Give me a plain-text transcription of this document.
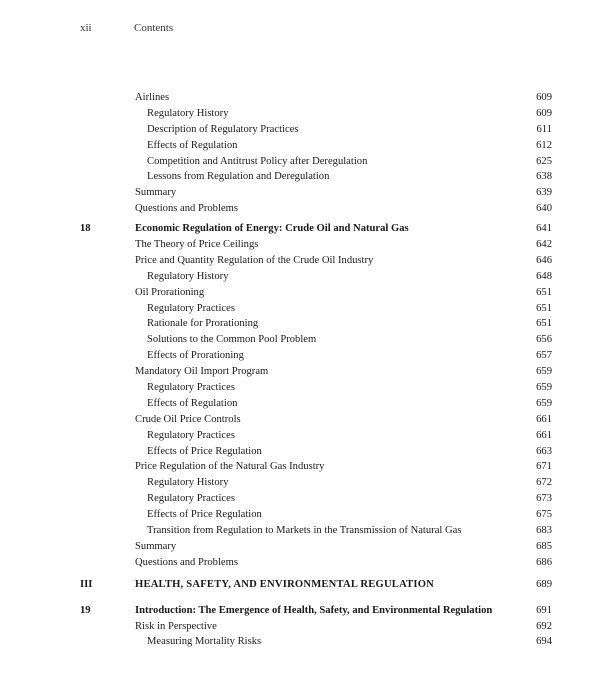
xii	Contents
Airlines	609
Regulatory History	609
Description of Regulatory Practices	611
Effects of Regulation	612
Competition and Antitrust Policy after Deregulation	625
Lessons from Regulation and Deregulation	638
Summary	639
Questions and Problems	640
18	Economic Regulation of Energy: Crude Oil and Natural Gas	641
The Theory of Price Ceilings	642
Price and Quantity Regulation of the Crude Oil Industry	646
Regulatory History	648
Oil Prorationing	651
Regulatory Practices	651
Rationale for Prorationing	651
Solutions to the Common Pool Problem	656
Effects of Prorationing	657
Mandatory Oil Import Program	659
Regulatory Practices	659
Effects of Regulation	659
Crude Oil Price Controls	661
Regulatory Practices	661
Effects of Price Regulation	663
Price Regulation of the Natural Gas Industry	671
Regulatory History	672
Regulatory Practices	673
Effects of Price Regulation	675
Transition from Regulation to Markets in the Transmission of Natural Gas	683
Summary	685
Questions and Problems	686
III	HEALTH, SAFETY, AND ENVIRONMENTAL REGULATION	689
19	Introduction: The Emergence of Health, Safety, and Environmental Regulation	691
Risk in Perspective	692
Measuring Mortality Risks	694
